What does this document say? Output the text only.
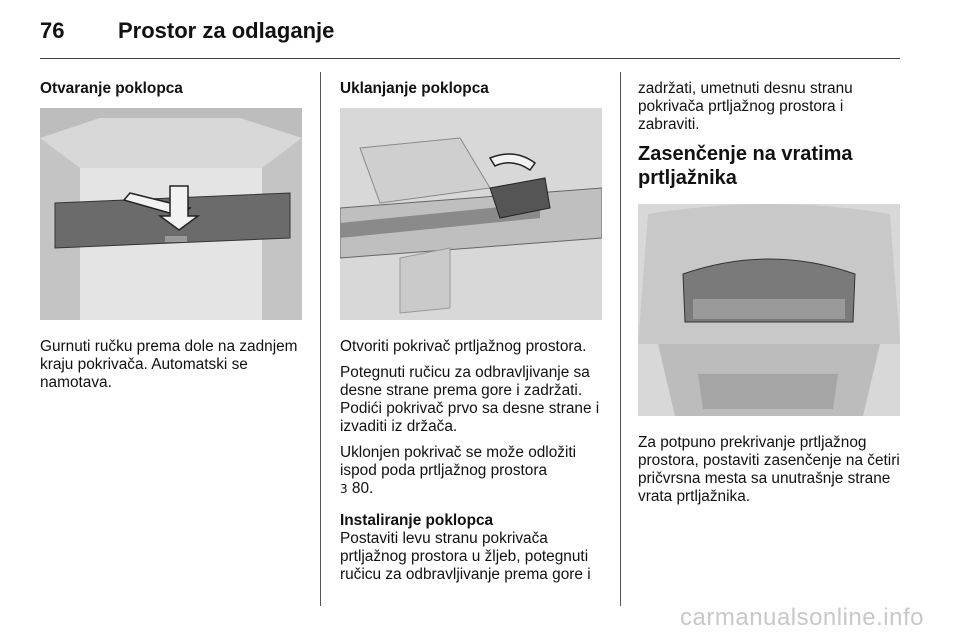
76 Prostor za odlaganje
Otvaranje poklopca

Gurnuti ručku prema dole na zadnjem kraju pokrivača. Automatski se namotava.

Uklanjanje poklopca

Otvoriti pokrivač prtljažnog prostora.

Potegnuti ručicu za odbravljivanje sa desne strane prema gore i zadržati. Podići pokrivač prvo sa desne strane i izvaditi iz držača.

Uklonjen pokrivač se može odložiti ispod poda prtljažnog prostora
3 80.

Instaliranje poklopca

Postaviti levu stranu pokrivača prtljažnog prostora u žljeb, potegnuti ručicu za odbravljivanje prema gore i

zadržati, umetnuti desnu stranu pokrivača prtljažnog prostora i zabraviti.

Zasenčenje na vratima prtljažnika

Za potpuno prekrivanje prtljažnog prostora, postaviti zasenčenje na četiri pričvrsna mesta sa unutrašnje strane vrata prtljažnika.

carmanualsonline.info
